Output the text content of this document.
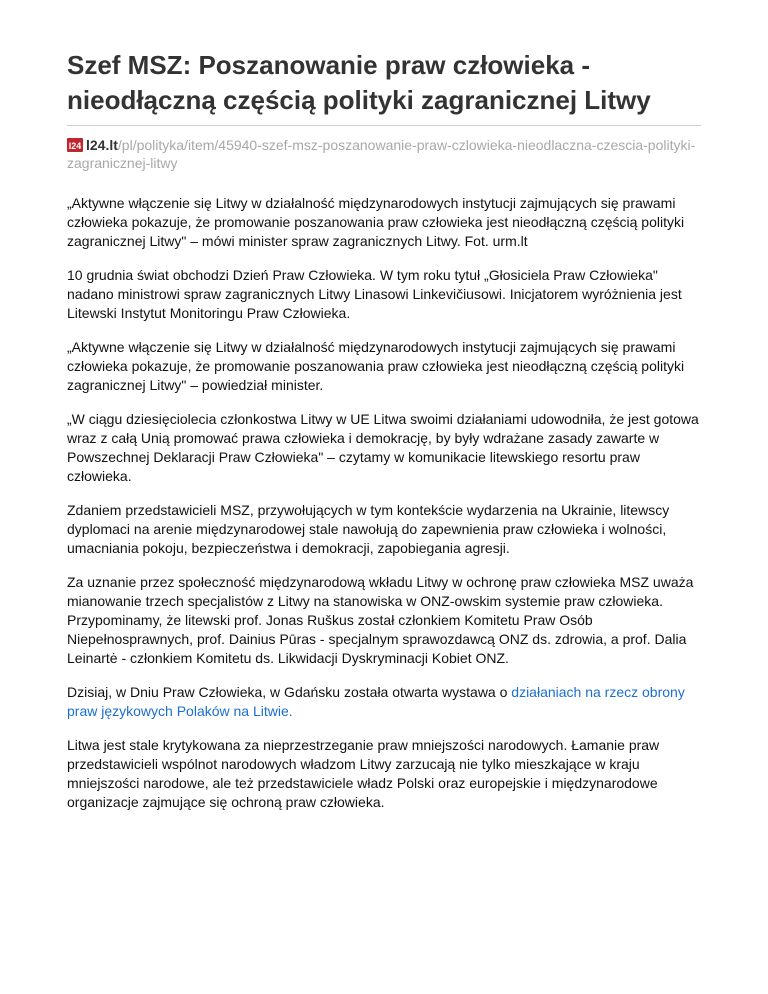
Szef MSZ: Poszanowanie praw człowieka - nieodłączną częścią polityki zagranicznej Litwy
l24 l24.lt/pl/polityka/item/45940-szef-msz-poszanowanie-praw-czlowieka-nieodlaczna-czescia-polityki-zagranicznej-litwy

„Aktywne włączenie się Litwy w działalność międzynarodowych instytucji zajmujących się prawami człowieka pokazuje, że promowanie poszanowania praw człowieka jest nieodłączną częścią polityki zagranicznej Litwy" – mówi minister spraw zagranicznych Litwy. Fot. urm.lt

10 grudnia świat obchodzi Dzień Praw Człowieka. W tym roku tytuł „Głosiciela Praw Człowieka" nadano ministrowi spraw zagranicznych Litwy Linasowi Linkevičiusowi. Inicjatorem wyróżnienia jest Litewski Instytut Monitoringu Praw Człowieka.

„Aktywne włączenie się Litwy w działalność międzynarodowych instytucji zajmujących się prawami człowieka pokazuje, że promowanie poszanowania praw człowieka jest nieodłączną częścią polityki zagranicznej Litwy" – powiedział minister.

„W ciągu dziesięciolecia członkostwa Litwy w UE Litwa swoimi działaniami udowodniła, że jest gotowa wraz z całą Unią promować prawa człowieka i demokrację, by były wdrażane zasady zawarte w Powszechnej Deklaracji Praw Człowieka" – czytamy w komunikacie litewskiego resortu praw człowieka.

Zdaniem przedstawicieli MSZ, przywołujących w tym kontekście wydarzenia na Ukrainie, litewscy dyplomaci na arenie międzynarodowej stale nawołują do zapewnienia praw człowieka i wolności, umacniania pokoju, bezpieczeństwa i demokracji, zapobiegania agresji.

Za uznanie przez społeczność międzynarodową wkładu Litwy w ochronę praw człowieka MSZ uważa mianowanie trzech specjalistów z Litwy na stanowiska w ONZ-owskim systemie praw człowieka. Przypominamy, że litewski prof. Jonas Ruškus został członkiem Komitetu Praw Osób Niepełnosprawnych, prof. Dainius Pūras - specjalnym sprawozdawcą ONZ ds. zdrowia, a prof. Dalia Leinartė - członkiem Komitetu ds. Likwidacji Dyskryminacji Kobiet ONZ.

Dzisiaj, w Dniu Praw Człowieka, w Gdańsku została otwarta wystawa o działaniach na rzecz obrony praw językowych Polaków na Litwie.

Litwa jest stale krytykowana za nieprzestrzeganie praw mniejszości narodowych. Łamanie praw przedstawicieli wspólnot narodowych władzom Litwy zarzucają nie tylko mieszkające w kraju mniejszości narodowe, ale też przedstawiciele władz Polski oraz europejskie i międzynarodowe organizacje zajmujące się ochroną praw człowieka.
